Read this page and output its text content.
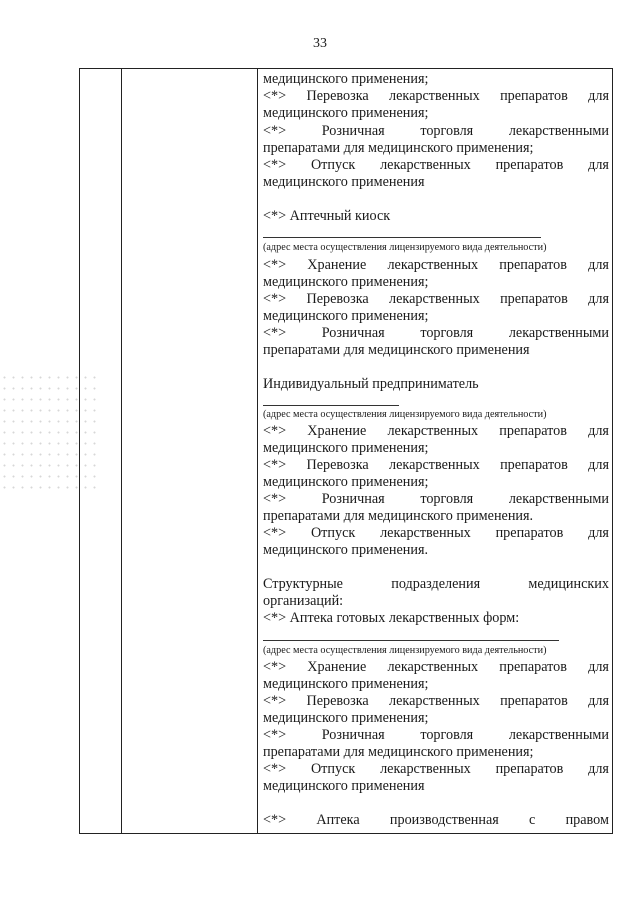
33
медицинского применения;
<*> Перевозка лекарственных препаратов для
медицинского применения;
<*>	Розничная	торговля	лекарственными
препаратами для медицинского применения;
<*> Отпуск лекарственных препаратов для
медицинского применения
<*> Аптечный киоск
(адрес места осуществления лицензируемого вида деятельности)
<*> Хранение лекарственных препаратов для
медицинского применения;
<*> Перевозка лекарственных препаратов для
медицинского применения;
<*>	Розничная	торговля	лекарственными
препаратами для медицинского применения
Индивидуальный предприниматель
(адрес места осуществления лицензируемого вида деятельности)
<*> Хранение лекарственных препаратов для
медицинского применения;
<*> Перевозка лекарственных препаратов для
медицинского применения;
<*>	Розничная	торговля	лекарственными
препаратами для медицинского применения.
<*> Отпуск лекарственных препаратов для
медицинского применения.
Структурные	подразделения	медицинских
организаций:
<*> Аптека готовых лекарственных форм:
(адрес места осуществления лицензируемого вида деятельности)
<*> Хранение лекарственных препаратов для
медицинского применения;
<*> Перевозка лекарственных препаратов для
медицинского применения;
<*>	Розничная	торговля	лекарственными
препаратами для медицинского применения;
<*> Отпуск лекарственных препаратов для
медицинского применения
<*> Аптека производственная с правом
